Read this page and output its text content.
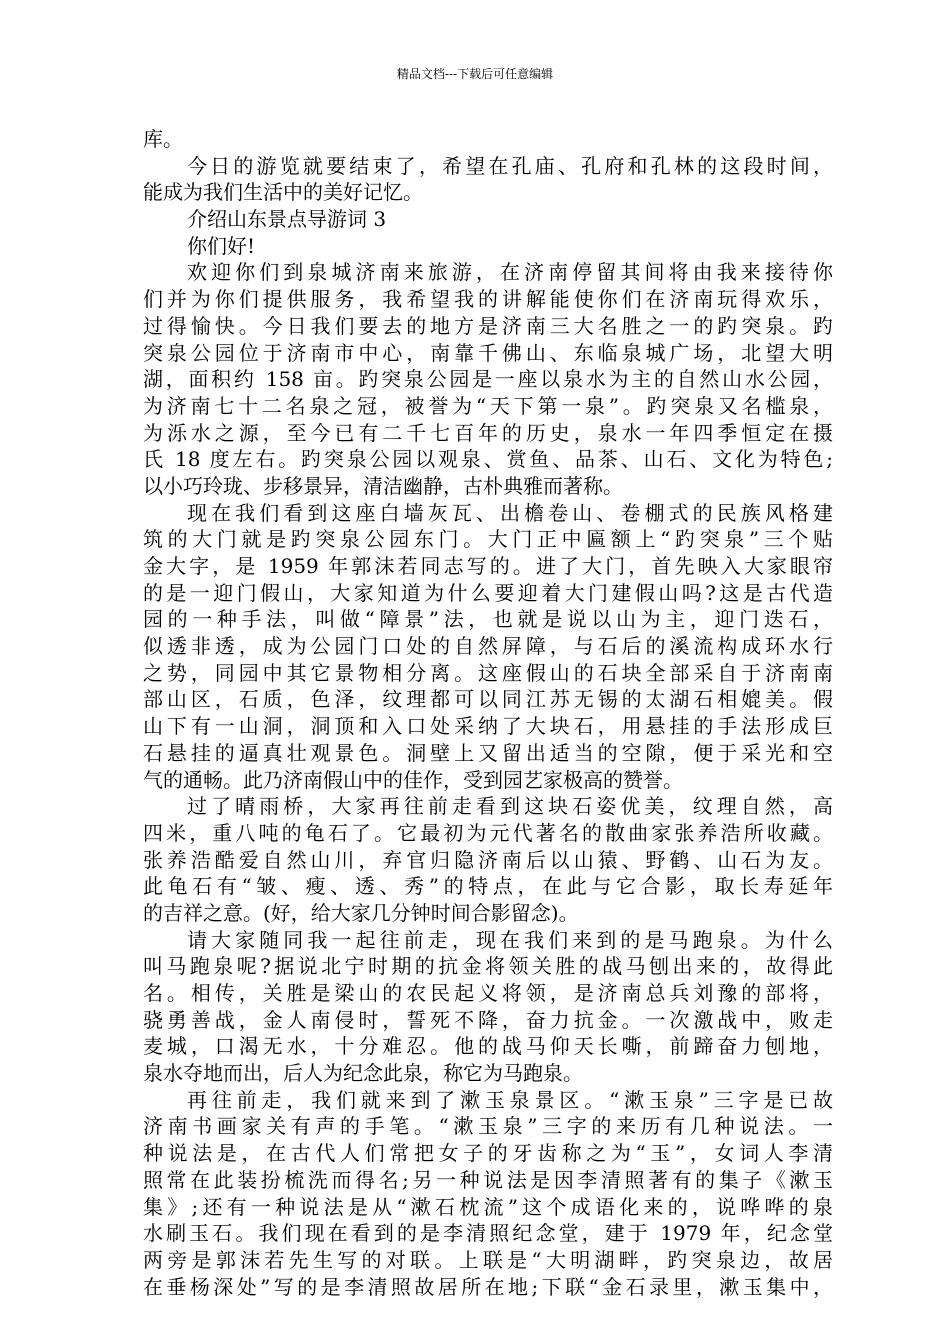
精品文档---下载后可任意编辑
库。
今日的游览就要结束了，希望在孔庙、孔府和孔林的这段时间，
能成为我们生活中的美好记忆。
介绍山东景点导游词 3
你们好!
欢迎你们到泉城济南来旅游，在济南停留其间将由我来接待你
们并为你们提供服务，我希望我的讲解能使你们在济南玩得欢乐，
过得愉快。今日我们要去的地方是济南三大名胜之一的趵突泉。趵
突泉公园位于济南市中心，南靠千佛山、东临泉城广场，北望大明
湖，面积约 158 亩。趵突泉公园是一座以泉水为主的自然山水公园，
为济南七十二名泉之冠，被誉为“天下第一泉”。趵突泉又名槛泉，
为泺水之源，至今已有二千七百年的历史，泉水一年四季恒定在摄
氏 18 度左右。趵突泉公园以观泉、赏鱼、品茶、山石、文化为特色;
以小巧玲珑、步移景异，清洁幽静，古朴典雅而著称。
现在我们看到这座白墙灰瓦、出檐卷山、卷棚式的民族风格建
筑的大门就是趵突泉公园东门。大门正中匾额上“趵突泉”三个贴
金大字，是 1959 年郭沫若同志写的。进了大门，首先映入大家眼帘
的是一迎门假山，大家知道为什么要迎着大门建假山吗?这是古代造
园的一种手法，叫做“障景”法，也就是说以山为主，迎门迭石，
似透非透，成为公园门口处的自然屏障，与石后的溪流构成环水行
之势，同园中其它景物相分离。这座假山的石块全部采自于济南南
部山区，石质，色泽，纹理都可以同江苏无锡的太湖石相媲美。假
山下有一山洞，洞顶和入口处采纳了大块石，用悬挂的手法形成巨
石悬挂的逼真壮观景色。洞壁上又留出适当的空隙，便于采光和空
气的通畅。此乃济南假山中的佳作，受到园艺家极高的赞誉。
过了晴雨桥，大家再往前走看到这块石姿优美，纹理自然，高
四米，重八吨的龟石了。它最初为元代著名的散曲家张养浩所收藏。
张养浩酷爱自然山川，弃官归隐济南后以山猿、野鹤、山石为友。
此龟石有“皱、瘦、透、秀”的特点，在此与它合影，取长寿延年
的吉祥之意。(好，给大家几分钟时间合影留念)。
请大家随同我一起往前走，现在我们来到的是马跑泉。为什么
叫马跑泉呢?据说北宁时期的抗金将领关胜的战马刨出来的，故得此
名。相传，关胜是梁山的农民起义将领，是济南总兵刘豫的部将，
骁勇善战，金人南侵时，誓死不降，奋力抗金。一次激战中，败走
麦城，口渴无水，十分难忍。他的战马仰天长嘶，前蹄奋力刨地，
泉水夺地而出，后人为纪念此泉，称它为马跑泉。
再往前走，我们就来到了漱玉泉景区。“漱玉泉”三字是已故
济南书画家关有声的手笔。“漱玉泉”三字的来历有几种说法。一
种说法是，在古代人们常把女子的牙齿称之为“玉”，女词人李清
照常在此装扮梳洗而得名;另一种说法是因李清照著有的集子《漱玉
集》;还有一种说法是从“漱石枕流”这个成语化来的，说哗哗的泉
水刷玉石。我们现在看到的是李清照纪念堂，建于 1979 年，纪念堂
两旁是郭沫若先生写的对联。上联是“大明湖畔，趵突泉边，故居
在垂杨深处”写的是李清照故居所在地;下联“金石录里，漱玉集中，
